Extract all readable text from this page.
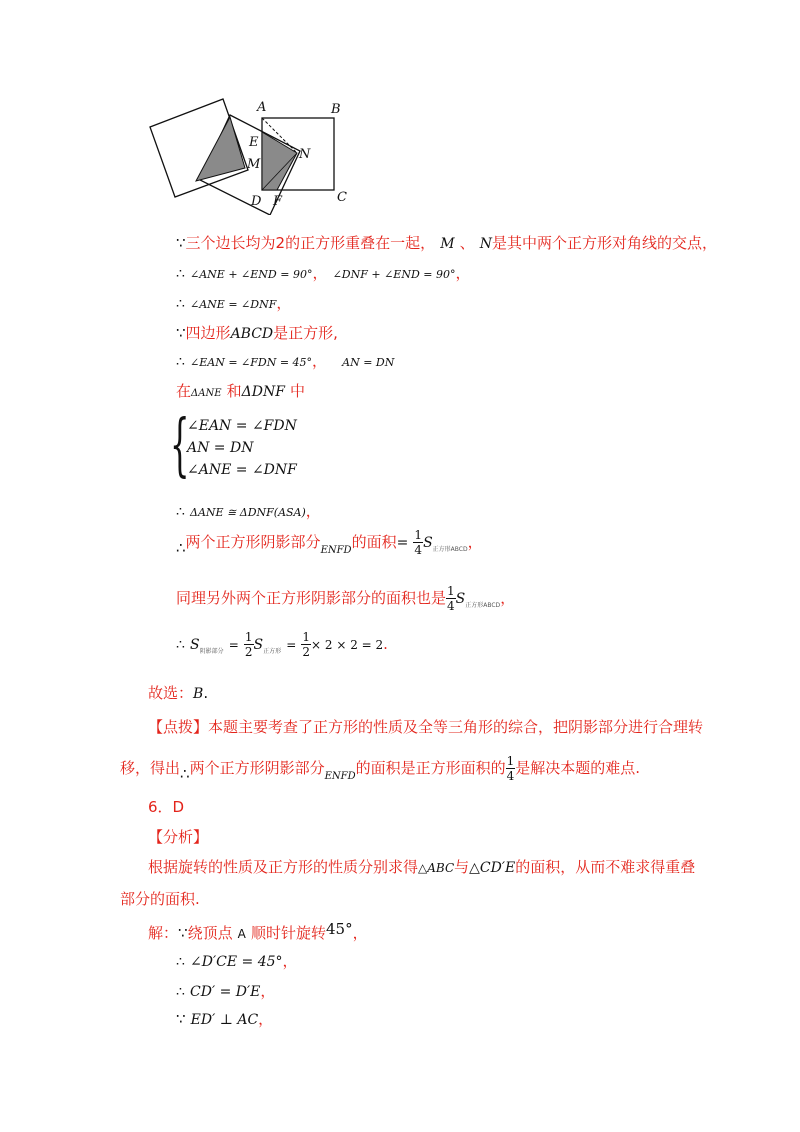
A	B
C
D
E
F
M
N
∵三个边长均为2的正方形重叠在一起， M 、 N是其中两个正方形对角线的交点，
∴ ∠ANE + ∠END = 90°， ∠DNF + ∠END = 90°，
∴ ∠ANE = ∠DNF，
∵四边形ABCD是正方形,
∴ ∠EAN = ∠FDN = 45°， AN = DN
在ΔANE 和ΔDNF 中
{
∠EAN = ∠FDN
AN = DN
∠ANE = ∠DNF
∴ ΔANE ≅ ΔDNF(ASA)，
∴两个正方形阴影部分$_{ENFD}$的面积= $\frac{1}{4} S_{正方形ABCD}$，
同理另外两个正方形阴影部分的面积也是 $\frac{1}{4} S_{正方形ABCD}$，
∴ $S_{阴影部分} = \frac{1}{2} S_{正方形} = \frac{1}{2} \times 2 \times 2 = 2$.
故选：B.
【点拨】本题主要考查了正方形的性质及全等三角形的综合，把阴影部分进行合理转
移，得出∴两个正方形阴影部分$_{ENFD}$的面积是正方形面积的 $\frac{1}{4}$ 是解决本题的难点.
6．D
【分析】
根据旋转的性质及正方形的性质分别求得△ABC与△CD′E的面积，从而不难求得重叠
部分的面积.
解：∵绕顶点 A 顺时针旋转45°，
∴ ∠D′CE = 45°，
∴ CD′ = D′E，
∵ ED′ ⊥ AC，
